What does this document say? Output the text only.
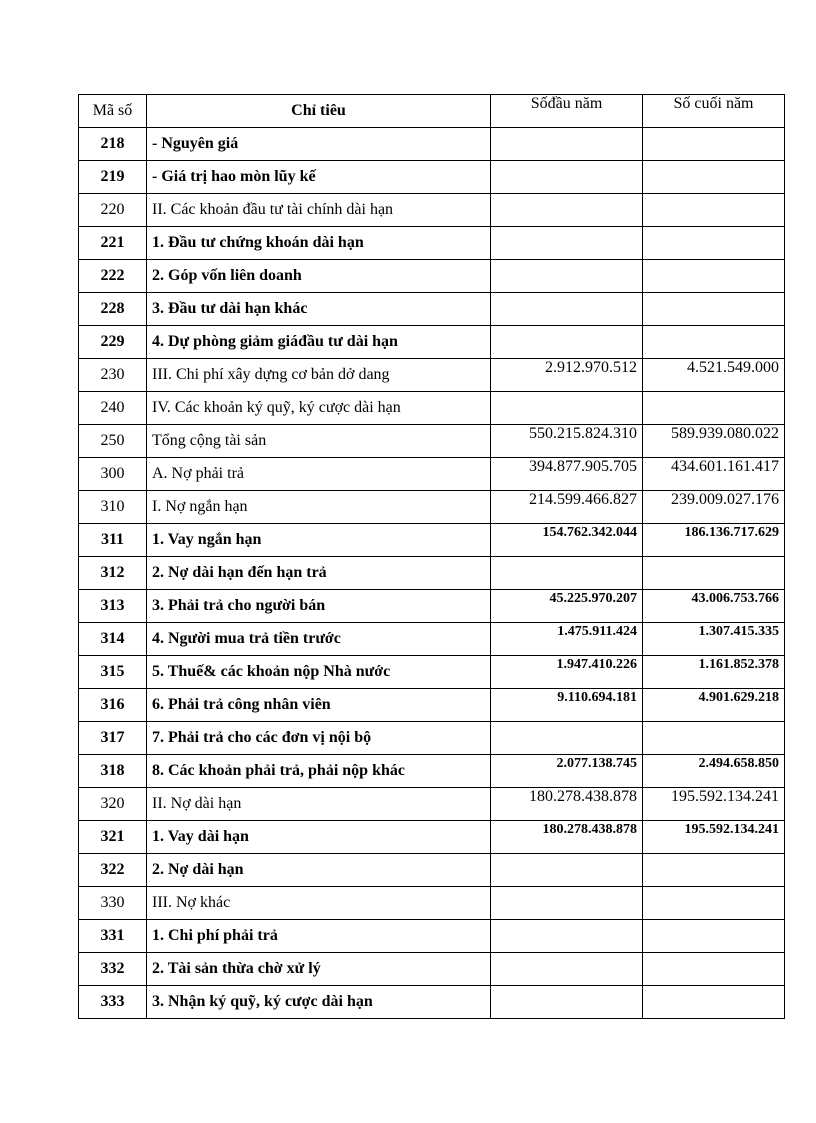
Mã số	Chỉ tiêu	Sốđầu năm	Số cuối năm
218	- Nguyên giá		
219	- Giá trị hao mòn lũy kế		
220	II. Các khoản đầu tư tài chính dài hạn		
221	1. Đầu tư chứng khoán dài hạn		
222	2. Góp vốn liên doanh		
228	3. Đầu tư dài hạn khác		
229	4. Dự phòng giảm giáđầu tư dài hạn		
230	III. Chi phí xây dựng cơ bản dở dang	2.912.970.512	4.521.549.000
240	IV. Các khoản ký quỹ, ký cược dài hạn		
250	Tổng cộng tài sản	550.215.824.310	589.939.080.022
300	A. Nợ phải trả	394.877.905.705	434.601.161.417
310	I. Nợ ngắn hạn	214.599.466.827	239.009.027.176
311	1. Vay ngắn hạn	154.762.342.044	186.136.717.629
312	2. Nợ dài hạn đến hạn trả		
313	3. Phải trả cho người bán	45.225.970.207	43.006.753.766
314	4. Người mua trả tiền trước	1.475.911.424	1.307.415.335
315	5. Thuế& các khoản nộp Nhà nước	1.947.410.226	1.161.852.378
316	6. Phải trả công nhân viên	9.110.694.181	4.901.629.218
317	7. Phải trả cho các đơn vị nội bộ		
318	8. Các khoản phải trả, phải nộp khác	2.077.138.745	2.494.658.850
320	II. Nợ dài hạn	180.278.438.878	195.592.134.241
321	1. Vay dài hạn	180.278.438.878	195.592.134.241
322	2. Nợ dài hạn		
330	III. Nợ khác		
331	1. Chi phí phải trả		
332	2. Tài sản thừa chờ xử lý		
333	3. Nhận ký quỹ, ký cược dài hạn		
